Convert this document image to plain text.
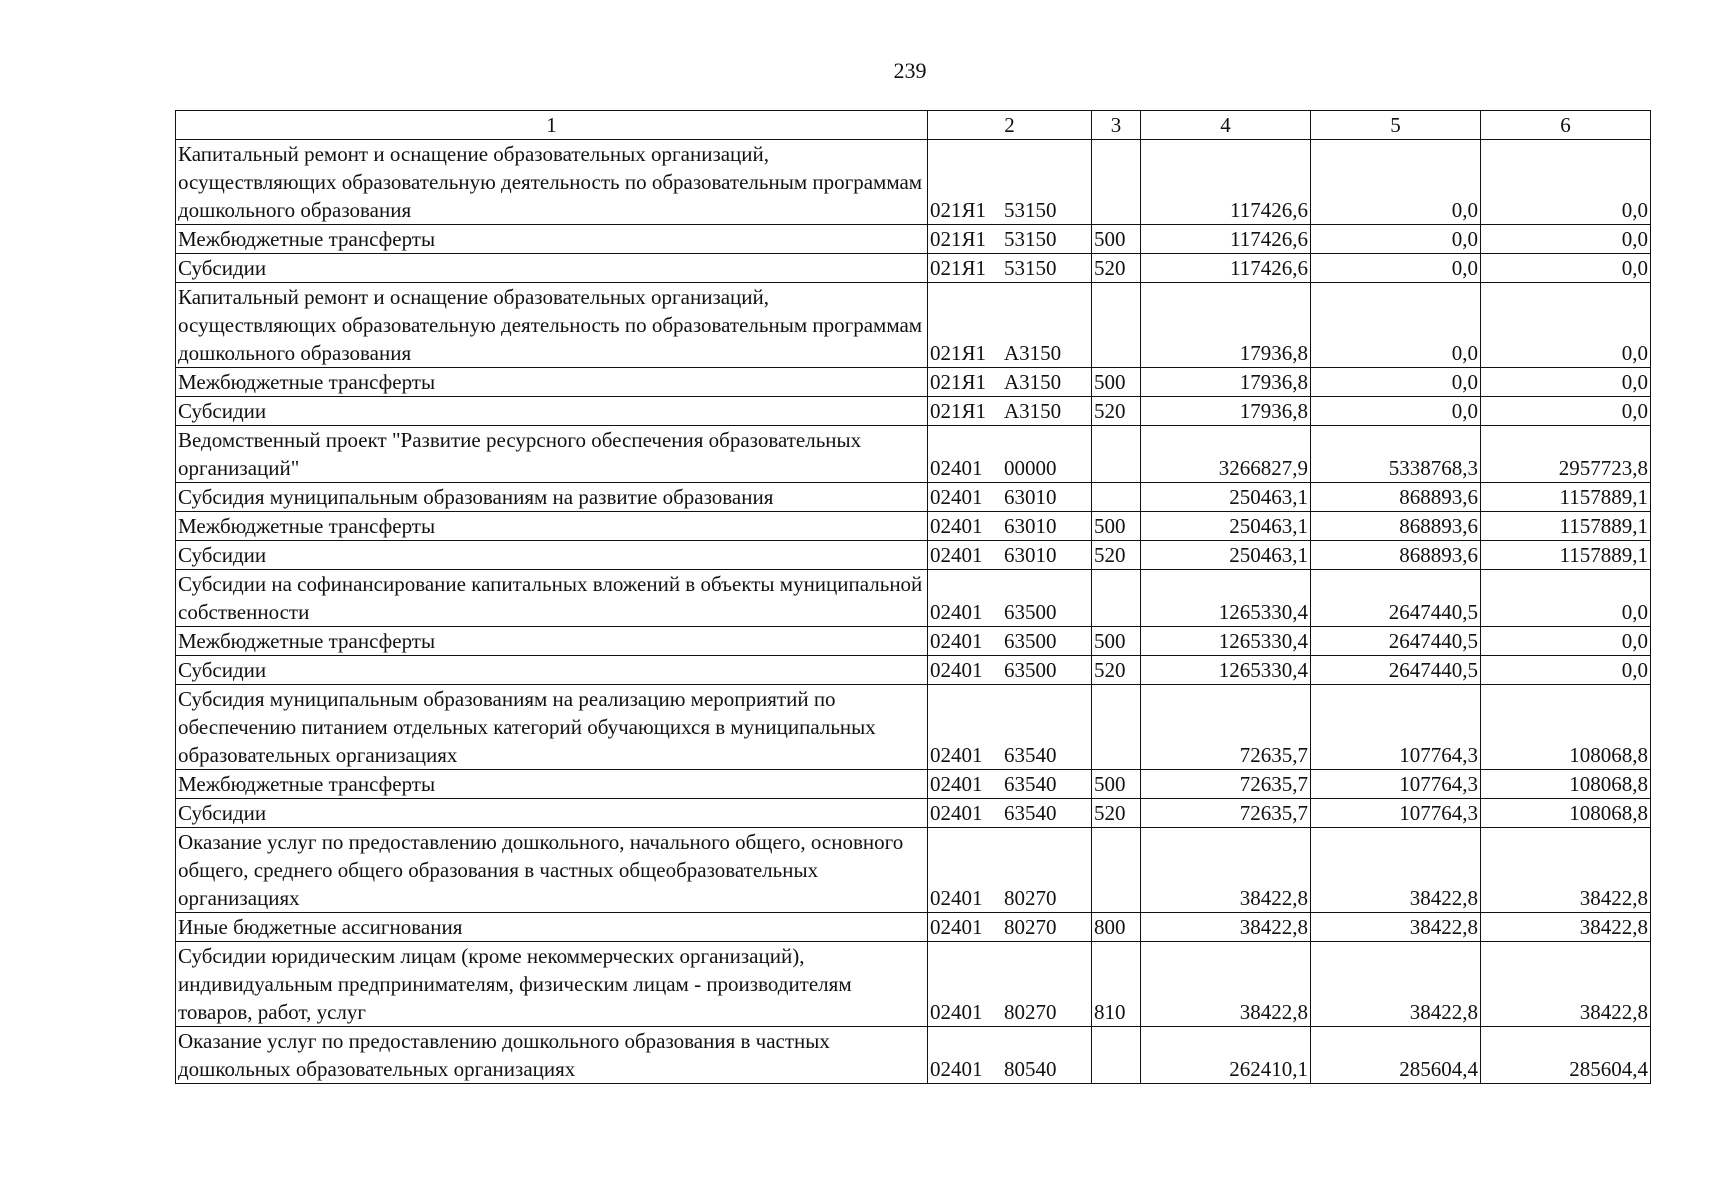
239
1	2	3	4	5	6
Капитальный ремонт и оснащение образовательных организаций, осуществляющих образовательную деятельность по образовательным программам дошкольного образования	021Я1 53150		117426,6	0,0	0,0
Межбюджетные трансферты	021Я1 53150	500	117426,6	0,0	0,0
Субсидии	021Я1 53150	520	117426,6	0,0	0,0
Капитальный ремонт и оснащение образовательных организаций, осуществляющих образовательную деятельность по образовательным программам дошкольного образования	021Я1 А3150		17936,8	0,0	0,0
Межбюджетные трансферты	021Я1 А3150	500	17936,8	0,0	0,0
Субсидии	021Я1 А3150	520	17936,8	0,0	0,0
Ведомственный проект "Развитие ресурсного обеспечения образовательных организаций"	02401 00000		3266827,9	5338768,3	2957723,8
Субсидия муниципальным образованиям на развитие образования	02401 63010		250463,1	868893,6	1157889,1
Межбюджетные трансферты	02401 63010	500	250463,1	868893,6	1157889,1
Субсидии	02401 63010	520	250463,1	868893,6	1157889,1
Субсидии на софинансирование капитальных вложений в объекты муниципальной собственности	02401 63500		1265330,4	2647440,5	0,0
Межбюджетные трансферты	02401 63500	500	1265330,4	2647440,5	0,0
Субсидии	02401 63500	520	1265330,4	2647440,5	0,0
Субсидия муниципальным образованиям на реализацию мероприятий по обеспечению питанием отдельных категорий обучающихся в муниципальных образовательных организациях	02401 63540		72635,7	107764,3	108068,8
Межбюджетные трансферты	02401 63540	500	72635,7	107764,3	108068,8
Субсидии	02401 63540	520	72635,7	107764,3	108068,8
Оказание услуг по предоставлению дошкольного, начального общего, основного общего, среднего общего образования в частных общеобразовательных организациях	02401 80270		38422,8	38422,8	38422,8
Иные бюджетные ассигнования	02401 80270	800	38422,8	38422,8	38422,8
Субсидии юридическим лицам (кроме некоммерческих организаций), индивидуальным предпринимателям, физическим лицам - производителям товаров, работ, услуг	02401 80270	810	38422,8	38422,8	38422,8
Оказание услуг по предоставлению дошкольного образования в частных дошкольных образовательных организациях	02401 80540		262410,1	285604,4	285604,4
